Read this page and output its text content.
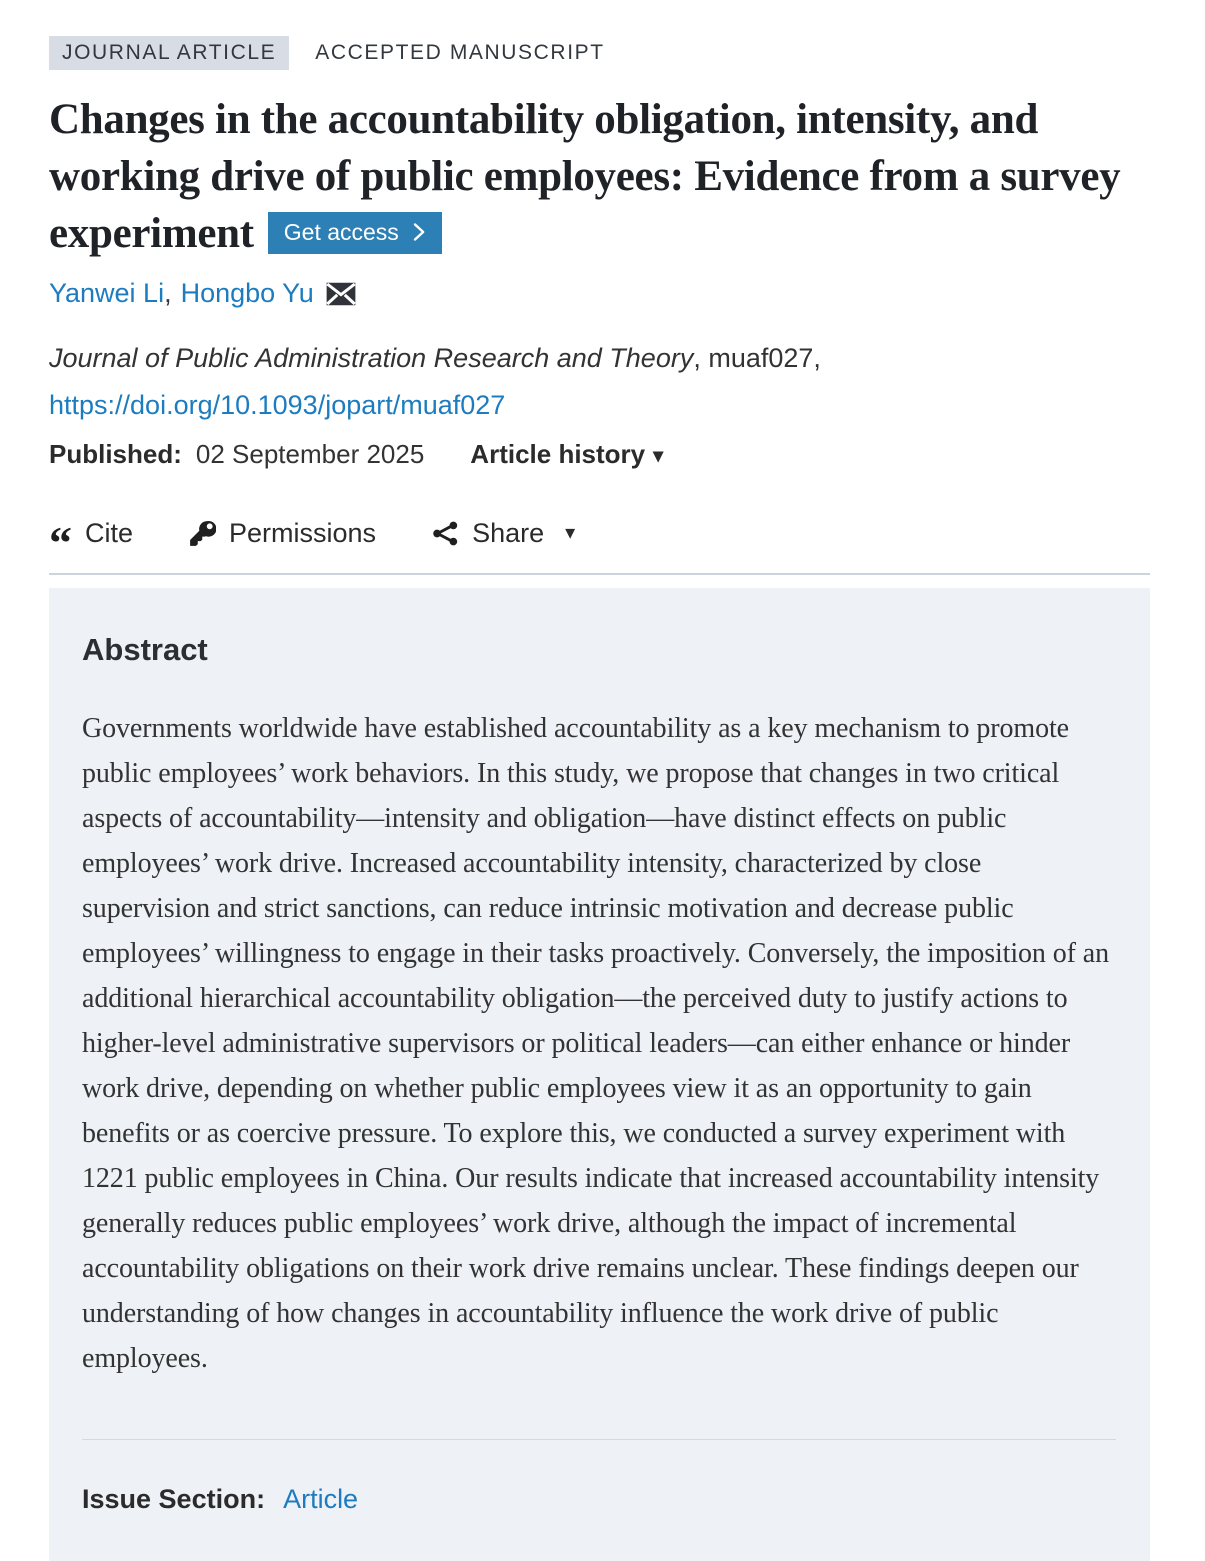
JOURNAL ARTICLE	ACCEPTED MANUSCRIPT
Changes in the accountability obligation, intensity, and working drive of public employees: Evidence from a survey experiment Get access
Yanwei Li , Hongbo Yu
Journal of Public Administration Research and Theory, muaf027,
https://doi.org/10.1093/jopart/muaf027
Published: 02 September 2025 Article history ▾
“ Cite	Permissions	Share ▾
Abstract

Governments worldwide have established accountability as a key mechanism to promote public employees’ work behaviors. In this study, we propose that changes in two critical aspects of accountability—intensity and obligation—have distinct effects on public employees’ work drive. Increased accountability intensity, characterized by close supervision and strict sanctions, can reduce intrinsic motivation and decrease public employees’ willingness to engage in their tasks proactively. Conversely, the imposition of an additional hierarchical accountability obligation—the perceived duty to justify actions to higher-level administrative supervisors or political leaders—can either enhance or hinder work drive, depending on whether public employees view it as an opportunity to gain benefits or as coercive pressure. To explore this, we conducted a survey experiment with 1221 public employees in China. Our results indicate that increased accountability intensity generally reduces public employees’ work drive, although the impact of incremental accountability obligations on their work drive remains unclear. These findings deepen our understanding of how changes in accountability influence the work drive of public employees.

Issue Section: Article
